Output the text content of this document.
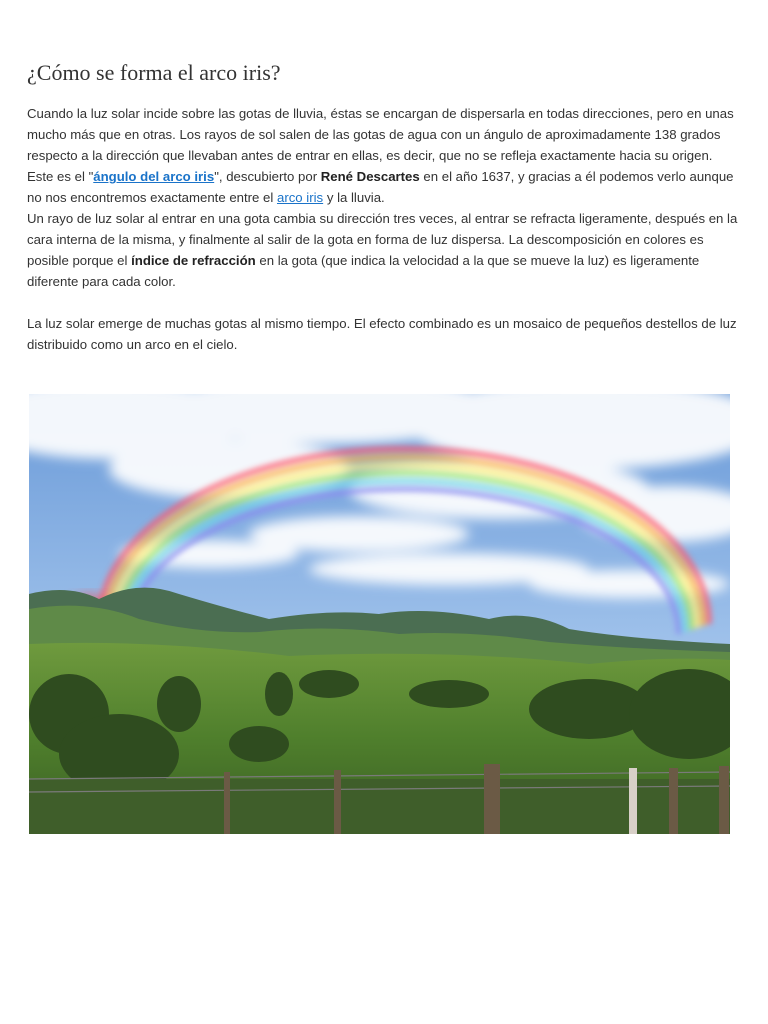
¿Cómo se forma el arco iris?

Cuando la luz solar incide sobre las gotas de lluvia, éstas se encargan de dispersarla en todas direcciones, pero en unas mucho más que en otras. Los rayos de sol salen de las gotas de agua con un ángulo de aproximadamente 138 grados respecto a la dirección que llevaban antes de entrar en ellas, es decir, que no se refleja exactamente hacia su origen. Este es el "ángulo del arco iris", descubierto por René Descartes en el año 1637, y gracias a él podemos verlo aunque no nos encontremos exactamente entre el arco iris y la lluvia.

Un rayo de luz solar al entrar en una gota cambia su dirección tres veces, al entrar se refracta ligeramente, después en la cara interna de la misma, y finalmente al salir de la gota en forma de luz dispersa. La descomposición en colores es posible porque el índice de refracción en la gota (que indica la velocidad a la que se mueve la luz) es ligeramente diferente para cada color.

La luz solar emerge de muchas gotas al mismo tiempo. El efecto combinado es un mosaico de pequeños destellos de luz distribuido como un arco en el cielo.
